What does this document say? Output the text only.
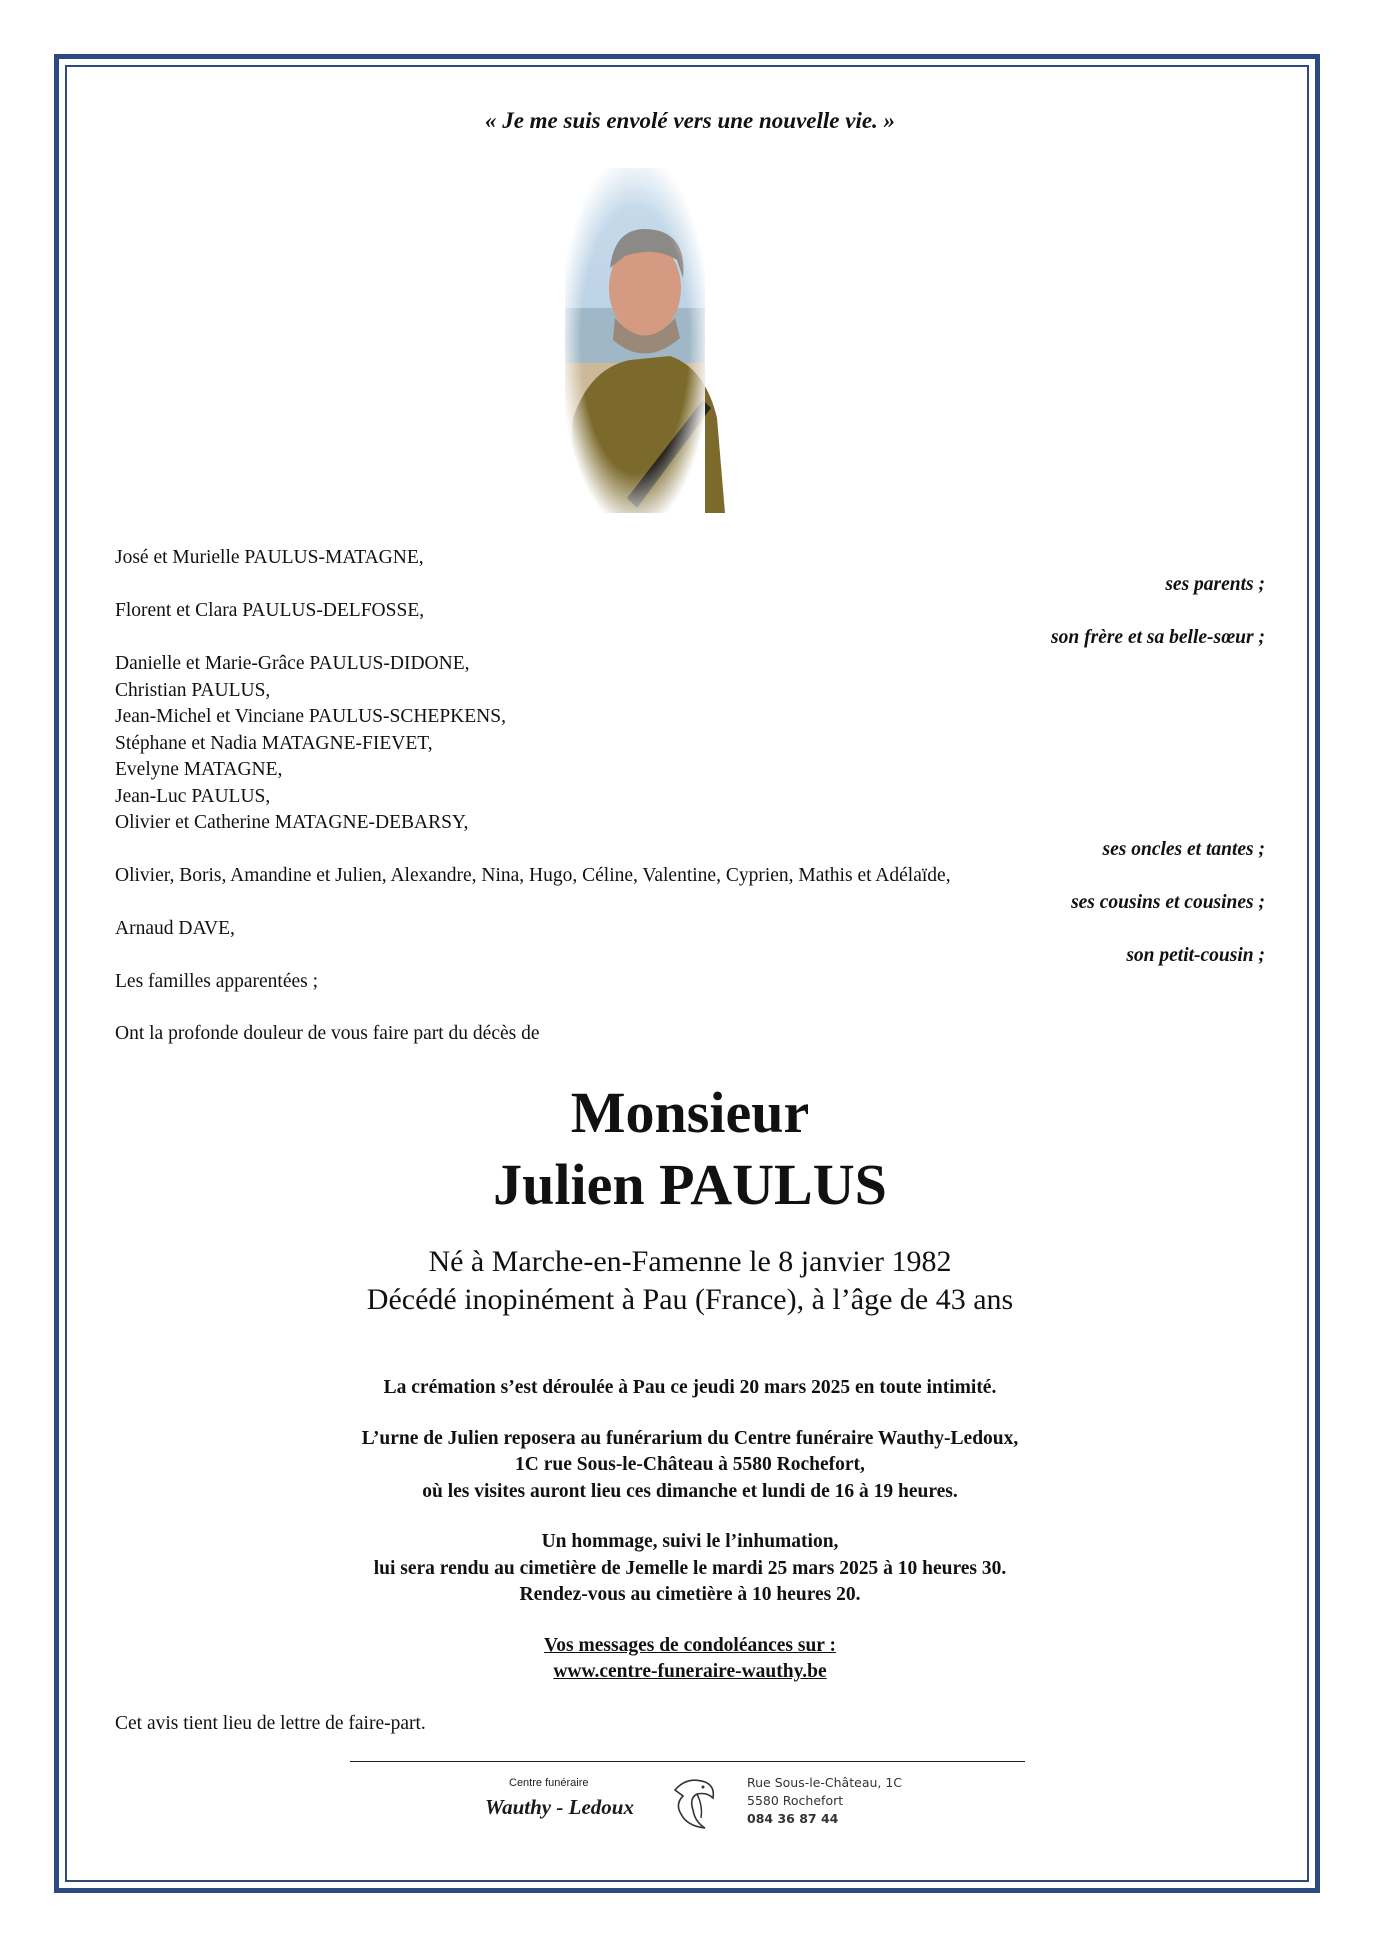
« Je me suis envolé vers une nouvelle vie. »

José et Murielle PAULUS-MATAGNE,
ses parents ;
Florent et Clara PAULUS-DELFOSSE,
son frère et sa belle-sœur ;
Danielle et Marie-Grâce PAULUS-DIDONE,
Christian PAULUS,
Jean-Michel et Vinciane PAULUS-SCHEPKENS,
Stéphane et Nadia MATAGNE-FIEVET,
Evelyne MATAGNE,
Jean-Luc PAULUS,
Olivier et Catherine MATAGNE-DEBARSY,
ses oncles et tantes ;
Olivier, Boris, Amandine et Julien, Alexandre, Nina, Hugo, Céline, Valentine, Cyprien, Mathis et Adélaïde,
ses cousins et cousines ;
Arnaud DAVE,
son petit-cousin ;
Les familles apparentées ;
Ont la profonde douleur de vous faire part du décès de
Monsieur
Julien PAULUS
Né à Marche-en-Famenne le 8 janvier 1982
Décédé inopinément à Pau (France), à l’âge de 43 ans

La crémation s’est déroulée à Pau ce jeudi 20 mars 2025 en toute intimité.

L’urne de Julien reposera au funérarium du Centre funéraire Wauthy-Ledoux,
1C rue Sous-le-Château à 5580 Rochefort,
où les visites auront lieu ces dimanche et lundi de 16 à 19 heures.

Un hommage, suivi le l’inhumation,
lui sera rendu au cimetière de Jemelle le mardi 25 mars 2025 à 10 heures 30.
Rendez-vous au cimetière à 10 heures 20.

Vos messages de condoléances sur :
www.centre-funeraire-wauthy.be

Cet avis tient lieu de lettre de faire-part.
Centre funéraire
Wauthy - Ledoux
Rue Sous-le-Château, 1C
5580 Rochefort
084 36 87 44
